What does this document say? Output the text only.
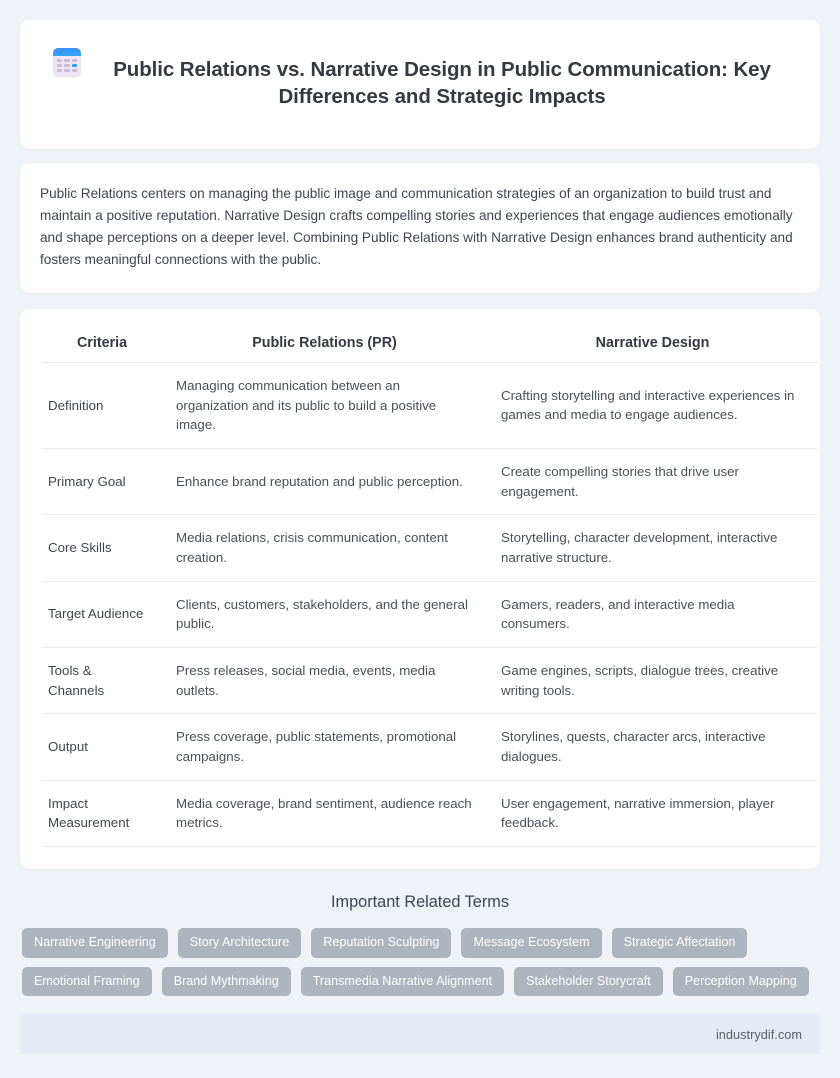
Public Relations vs. Narrative Design in Public Communication: Key Differences and Strategic Impacts

Public Relations centers on managing the public image and communication strategies of an organization to build trust and maintain a positive reputation. Narrative Design crafts compelling stories and experiences that engage audiences emotionally and shape perceptions on a deeper level. Combining Public Relations with Narrative Design enhances brand authenticity and fosters meaningful connections with the public.

Criteria	Public Relations (PR)	Narrative Design
Definition	Managing communication between an organization and its public to build a positive image.	Crafting storytelling and interactive experiences in games and media to engage audiences.
Primary Goal	Enhance brand reputation and public perception.	Create compelling stories that drive user engagement.
Core Skills	Media relations, crisis communication, content creation.	Storytelling, character development, interactive narrative structure.
Target Audience	Clients, customers, stakeholders, and the general public.	Gamers, readers, and interactive media consumers.
Tools & Channels	Press releases, social media, events, media outlets.	Game engines, scripts, dialogue trees, creative writing tools.
Output	Press coverage, public statements, promotional campaigns.	Storylines, quests, character arcs, interactive dialogues.
Impact Measurement	Media coverage, brand sentiment, audience reach metrics.	User engagement, narrative immersion, player feedback.
Important Related Terms
Narrative Engineering	Story Architecture	Reputation Sculpting	Message Ecosystem	Strategic Affectation
Emotional Framing	Brand Mythmaking	Transmedia Narrative Alignment	Stakeholder Storycraft	Perception Mapping
industrydif.com
